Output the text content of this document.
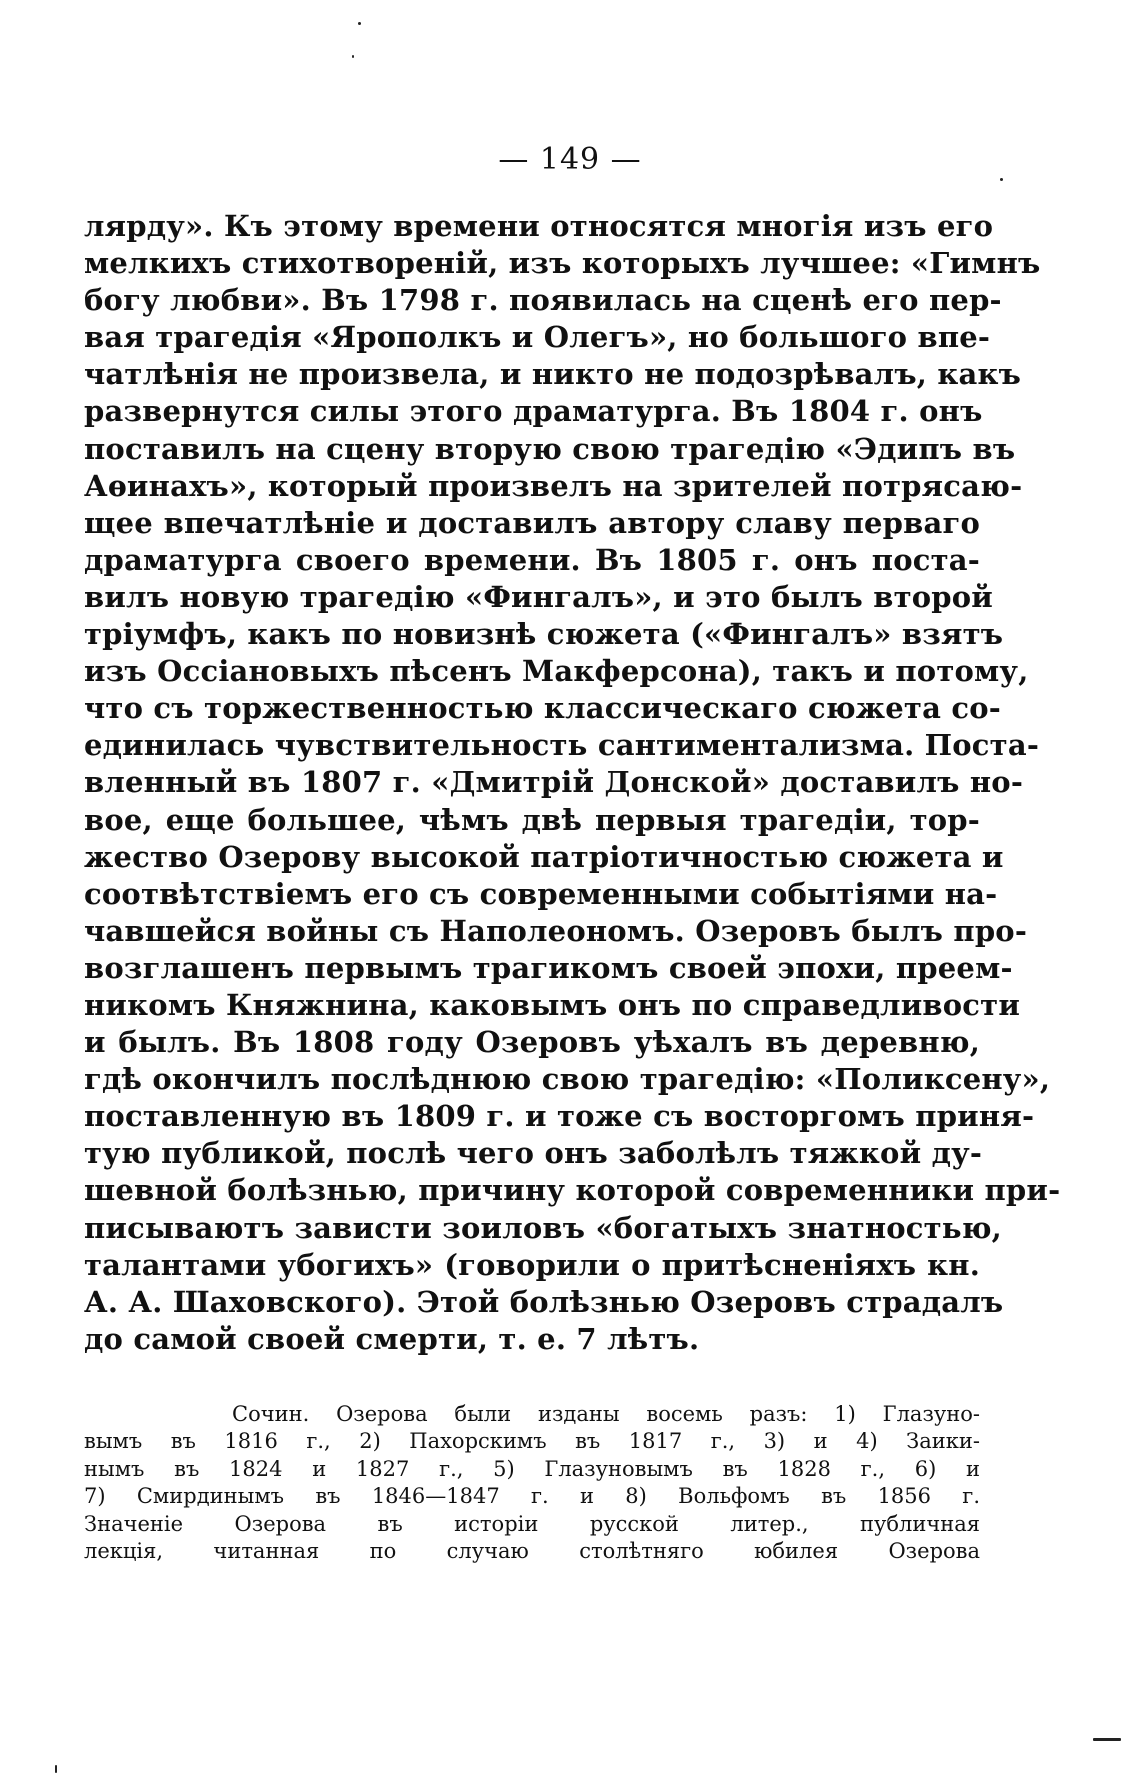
— 149 —
лярду». Къ этому времени относятся многія изъ его
мелкихъ стихотвореній, изъ которыхъ лучшее: «Гимнъ
богу любви». Въ 1798 г. появилась на сценѣ его пер-
вая трагедія «Ярополкъ и Олегъ», но большого впе-
чатлѣнія не произвела, и никто не подозрѣвалъ, какъ
развернутся силы этого драматурга. Въ 1804 г. онъ
поставилъ на сцену вторую свою трагедію «Эдипъ въ
Аѳинахъ», который произвелъ на зрителей потрясаю-
щее впечатлѣніе и доставилъ автору славу перваго
драматурга своего времени. Въ 1805 г. онъ поста-
вилъ новую трагедію «Фингалъ», и это былъ второй
тріумфъ, какъ по новизнѣ сюжета («Фингалъ» взятъ
изъ Оссіановыхъ пѣсенъ Макферсона), такъ и потому,
что съ торжественностью классическаго сюжета со-
единилась чувствительность сантиментализма. Поста-
вленный въ 1807 г. «Дмитрій Донской» доставилъ но-
вое, еще большее, чѣмъ двѣ первыя трагедіи, тор-
жество Озерову высокой патріотичностью сюжета и
соотвѣтствіемъ его съ современными событіями на-
чавшейся войны съ Наполеономъ. Озеровъ былъ про-
возглашенъ первымъ трагикомъ своей эпохи, преем-
никомъ Княжнина, каковымъ онъ по справедливости
и былъ. Въ 1808 году Озеровъ уѣхалъ въ деревню,
гдѣ окончилъ послѣднюю свою трагедію: «Поликсену»,
поставленную въ 1809 г. и тоже съ восторгомъ приня-
тую публикой, послѣ чего онъ заболѣлъ тяжкой ду-
шевной болѣзнью, причину которой современники при-
писываютъ зависти зоиловъ «богатыхъ знатностью,
талантами убогихъ» (говорили о притѣсненіяхъ кн.
А. А. Шаховского). Этой болѣзнью Озеровъ страдалъ
до самой своей смерти, т. е. 7 лѣтъ.
Сочин. Озерова были изданы восемь разъ: 1) Глазуно-
вымъ въ 1816 г., 2) Пахорскимъ въ 1817 г., 3) и 4) Заики-
нымъ въ 1824 и 1827 г., 5) Глазуновымъ въ 1828 г., 6) и
7) Смирдинымъ въ 1846—1847 г. и 8) Вольфомъ въ 1856 г.
Значеніе Озерова въ исторіи русской литер., публичная
лекція, читанная по случаю столѣтняго юбилея Озерова
